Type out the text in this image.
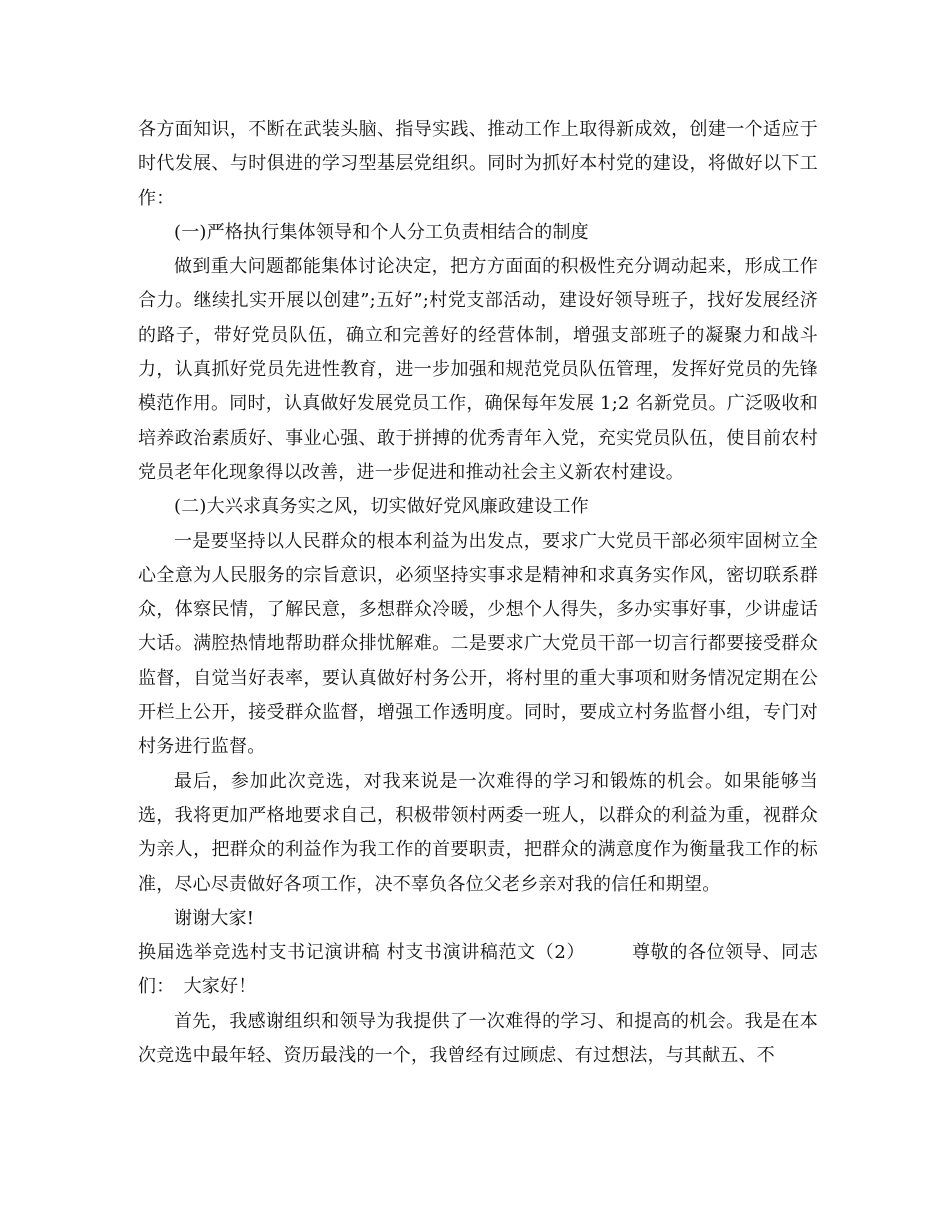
各方面知识，不断在武装头脑、指导实践、推动工作上取得新成效，创建一个适应于时代发展、与时俱进的学习型基层党组织。同时为抓好本村党的建设，将做好以下工作：

(一)严格执行集体领导和个人分工负责相结合的制度

做到重大问题都能集体讨论决定，把方方面面的积极性充分调动起来，形成工作合力。继续扎实开展以创建”;五好”;村党支部活动，建设好领导班子，找好发展经济的路子，带好党员队伍，确立和完善好的经营体制，增强支部班子的凝聚力和战斗力，认真抓好党员先进性教育，进一步加强和规范党员队伍管理，发挥好党员的先锋模范作用。同时，认真做好发展党员工作，确保每年发展 1;2 名新党员。广泛吸收和培养政治素质好、事业心强、敢于拼搏的优秀青年入党，充实党员队伍，使目前农村党员老年化现象得以改善，进一步促进和推动社会主义新农村建设。

(二)大兴求真务实之风，切实做好党风廉政建设工作

一是要坚持以人民群众的根本利益为出发点，要求广大党员干部必须牢固树立全心全意为人民服务的宗旨意识，必须坚持实事求是精神和求真务实作风，密切联系群众，体察民情，了解民意，多想群众冷暖，少想个人得失，多办实事好事，少讲虚话大话。满腔热情地帮助群众排忧解难。二是要求广大党员干部一切言行都要接受群众监督，自觉当好表率，要认真做好村务公开，将村里的重大事项和财务情况定期在公开栏上公开，接受群众监督，增强工作透明度。同时，要成立村务监督小组，专门对村务进行监督。

最后，参加此次竞选，对我来说是一次难得的学习和锻炼的机会。如果能够当选，我将更加严格地要求自己，积极带领村两委一班人，以群众的利益为重，视群众为亲人，把群众的利益作为我工作的首要职责，把群众的满意度作为衡量我工作的标准，尽心尽责做好各项工作，决不辜负各位父老乡亲对我的信任和期望。

谢谢大家!

换届选举竞选村支书记演讲稿 村支书演讲稿范文（2）　　　尊敬的各位领导、同志们：　大家好！

首先，我感谢组织和领导为我提供了一次难得的学习、和提高的机会。我是在本次竞选中最年轻、资历最浅的一个，我曾经有过顾虑、有过想法，与其献五、不
